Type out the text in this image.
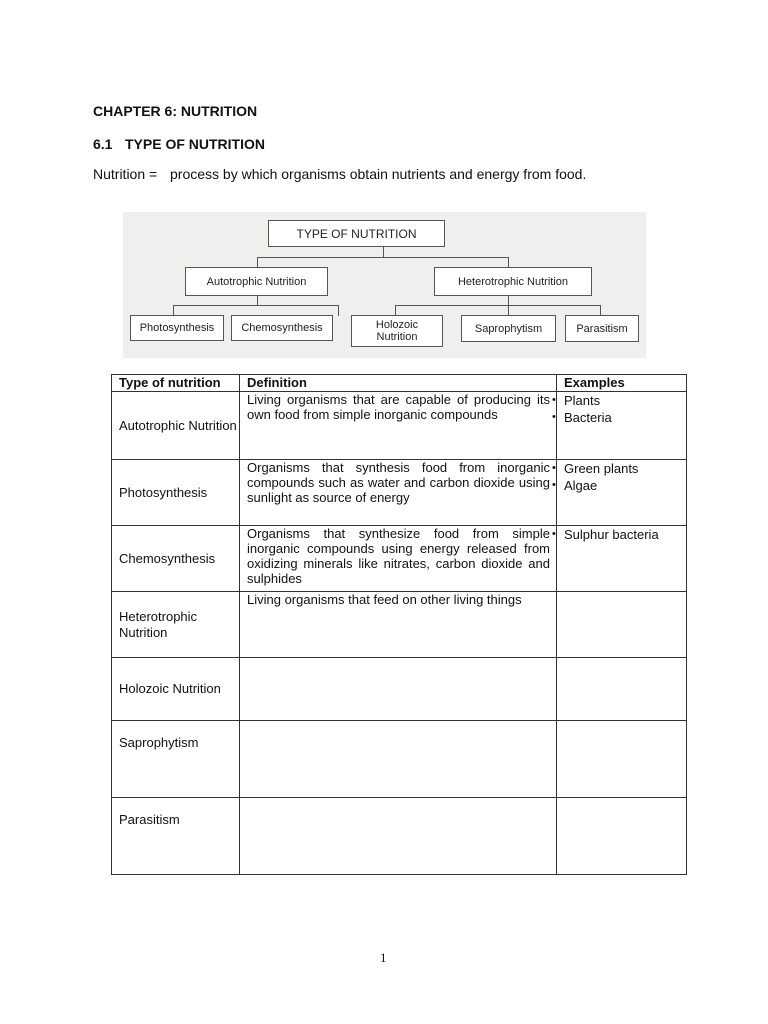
CHAPTER 6: NUTRITION
6.1 TYPE OF NUTRITION
Nutrition = process by which organisms obtain nutrients and energy from food.
TYPE OF NUTRITION
Autotrophic Nutrition	Heterotrophic Nutrition
Photosynthesis	Chemosynthesis	Holozoic Nutrition
Saprophytism	Parasitism
Type of nutrition	Definition	Examples
Autotrophic Nutrition	Living organisms that are capable of producing its own food from simple inorganic compounds	• Plants
• Bacteria

Photosynthesis	Organisms that synthesis food from inorganic compounds such as water and carbon dioxide using sunlight as source of energy	• Green plants
• Algae

Chemosynthesis	Organisms that synthesize food from simple inorganic compounds using energy released from oxidizing minerals like nitrates, carbon dioxide and sulphides	• Sulphur bacteria

Heterotrophic Nutrition	Living organisms that feed on other living things	
Holozoic Nutrition		
Saprophytism		
Parasitism		
1
